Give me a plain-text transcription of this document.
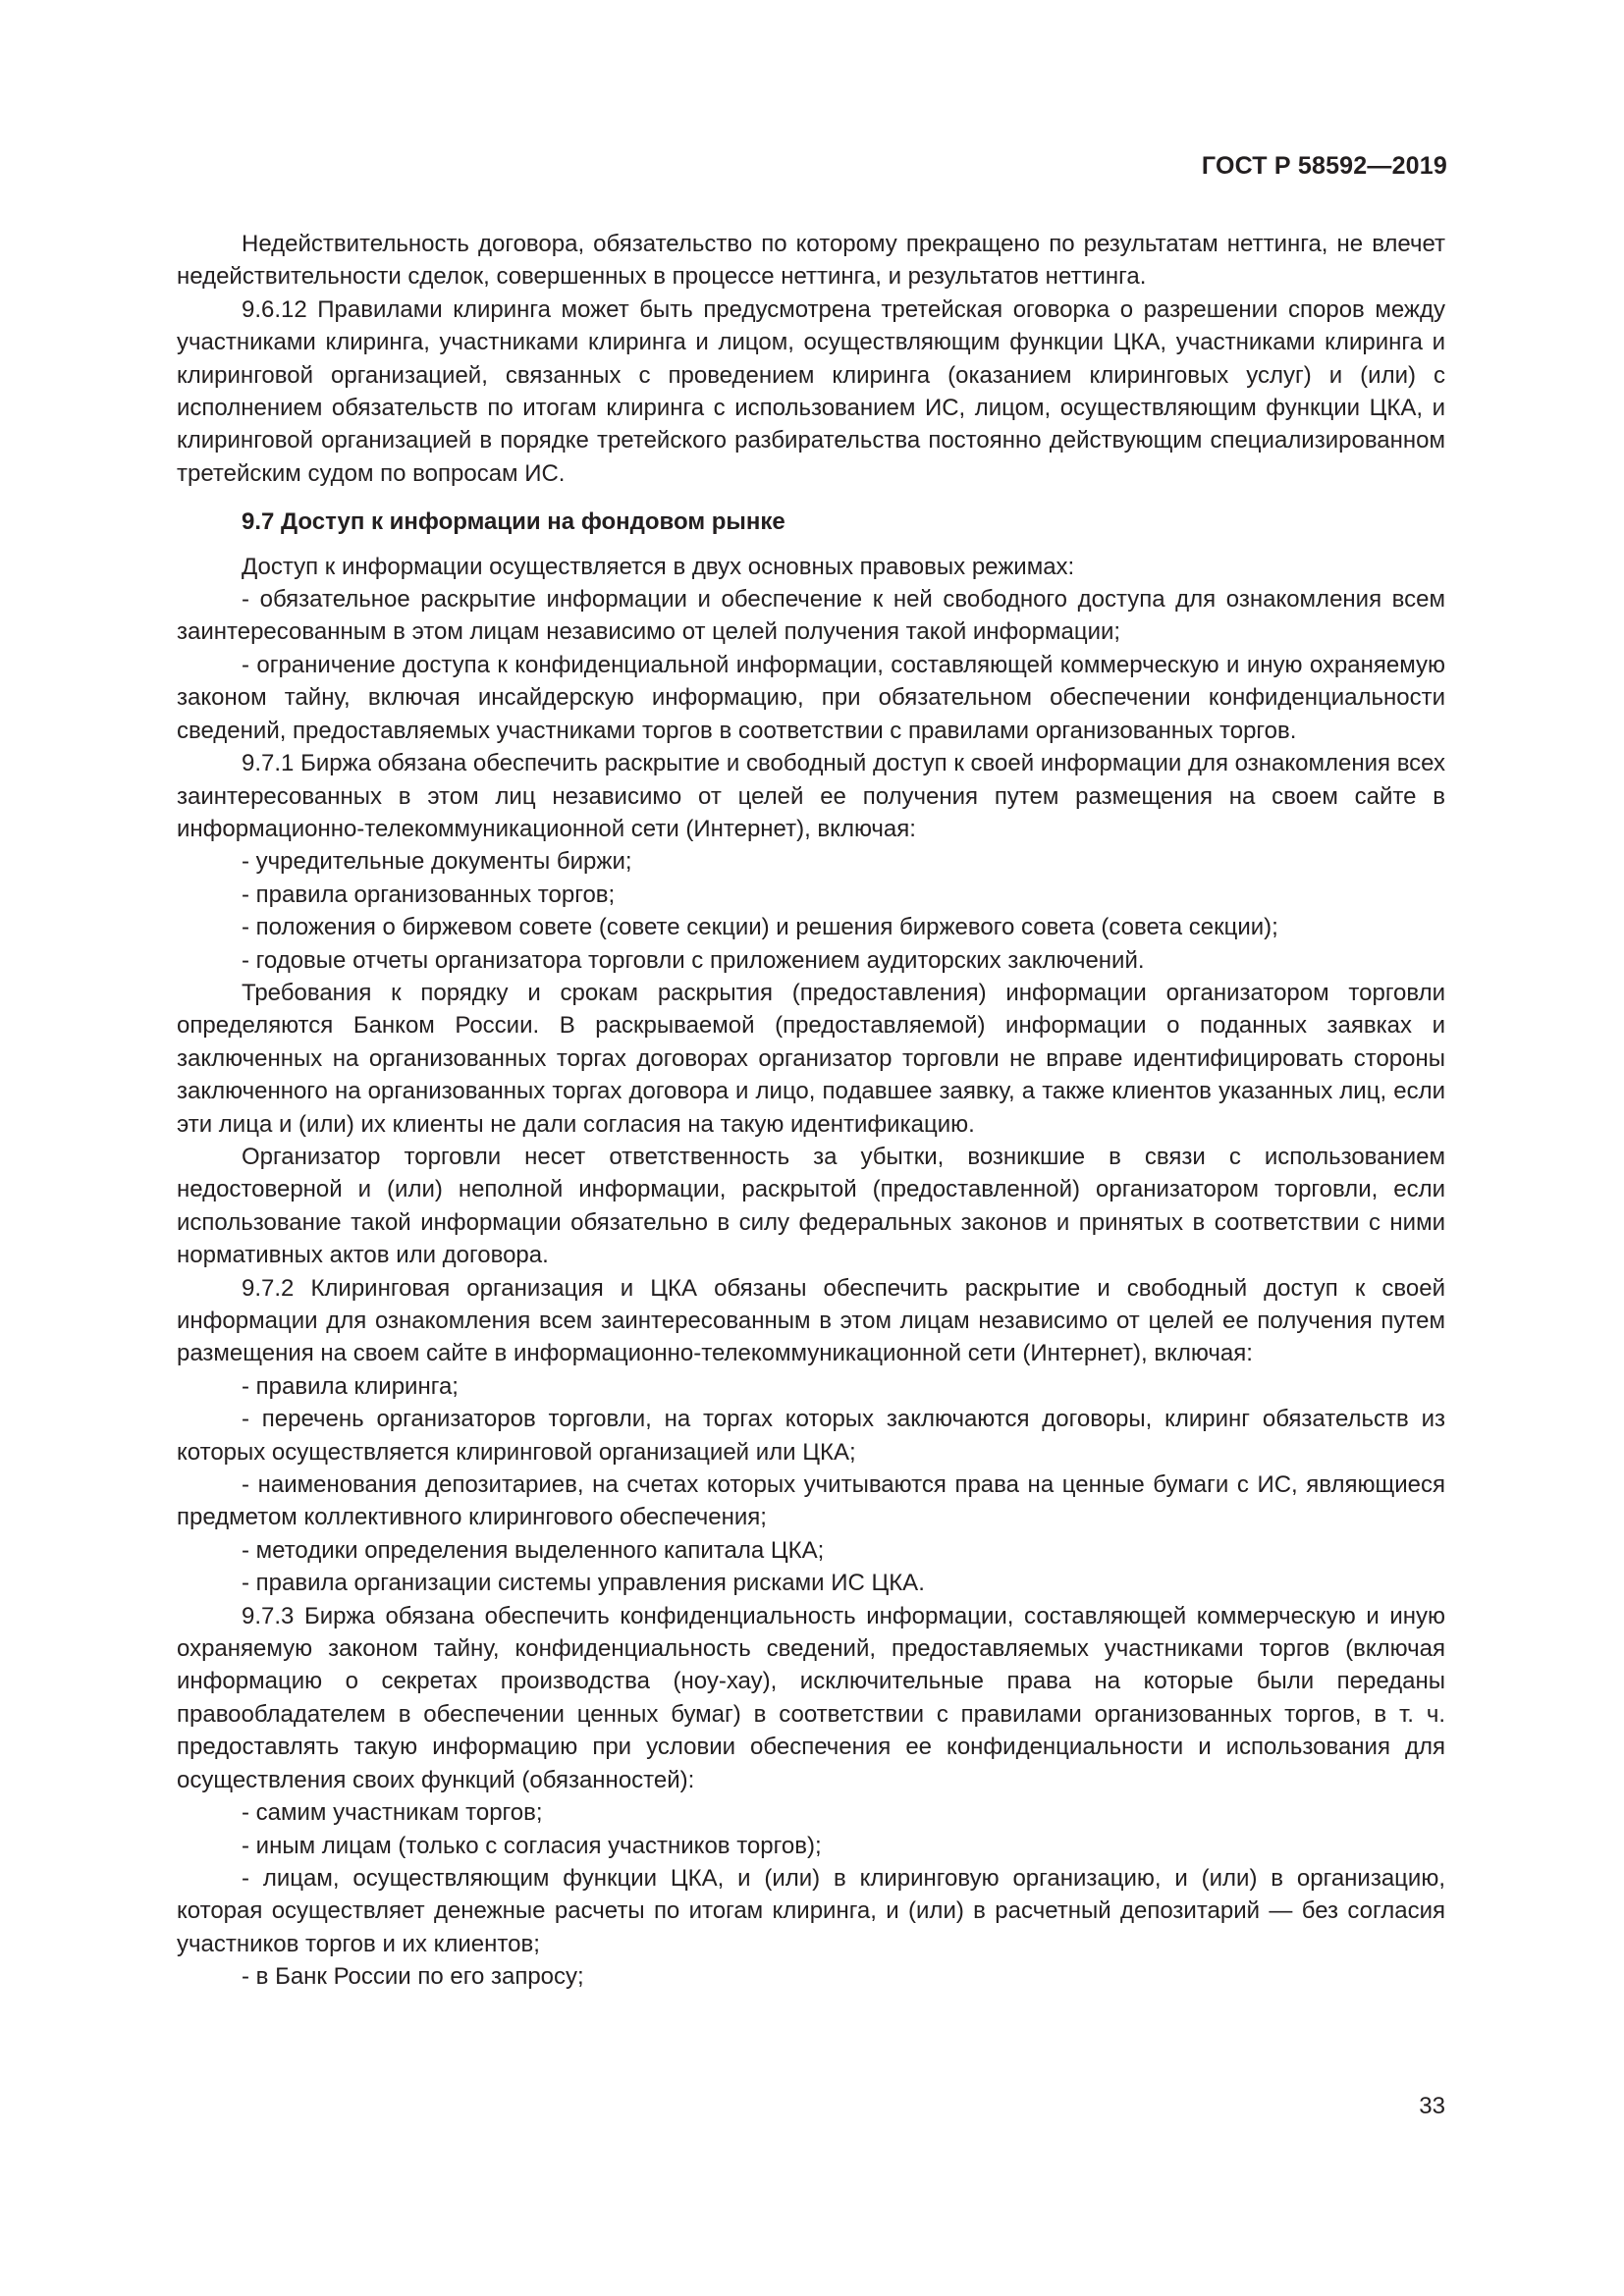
ГОСТ Р 58592—2019

Недействительность договора, обязательство по которому прекращено по результатам неттинга, не влечет недействительности сделок, совершенных в процессе неттинга, и результатов неттинга.

9.6.12 Правилами клиринга может быть предусмотрена третейская оговорка о разрешении споров между участниками клиринга, участниками клиринга и лицом, осуществляющим функции ЦКА, участниками клиринга и клиринговой организацией, связанных с проведением клиринга (оказанием клиринговых услуг) и (или) с исполнением обязательств по итогам клиринга с использованием ИС, лицом, осуществляющим функции ЦКА, и клиринговой организацией в порядке третейского разбирательства постоянно действующим специализированном третейским судом по вопросам ИС.

9.7 Доступ к информации на фондовом рынке

Доступ к информации осуществляется в двух основных правовых режимах:

- обязательное раскрытие информации и обеспечение к ней свободного доступа для ознакомления всем заинтересованным в этом лицам независимо от целей получения такой информации;

- ограничение доступа к конфиденциальной информации, составляющей коммерческую и иную охраняемую законом тайну, включая инсайдерскую информацию, при обязательном обеспечении конфиденциальности сведений, предоставляемых участниками торгов в соответствии с правилами организованных торгов.

9.7.1 Биржа обязана обеспечить раскрытие и свободный доступ к своей информации для ознакомления всех заинтересованных в этом лиц независимо от целей ее получения путем размещения на своем сайте в информационно-телекоммуникационной сети (Интернет), включая:

- учредительные документы биржи;

- правила организованных торгов;

- положения о биржевом совете (совете секции) и решения биржевого совета (совета секции);

- годовые отчеты организатора торговли с приложением аудиторских заключений.

Требования к порядку и срокам раскрытия (предоставления) информации организатором торговли определяются Банком России. В раскрываемой (предоставляемой) информации о поданных заявках и заключенных на организованных торгах договорах организатор торговли не вправе идентифицировать стороны заключенного на организованных торгах договора и лицо, подавшее заявку, а также клиентов указанных лиц, если эти лица и (или) их клиенты не дали согласия на такую идентификацию.

Организатор торговли несет ответственность за убытки, возникшие в связи с использованием недостоверной и (или) неполной информации, раскрытой (предоставленной) организатором торговли, если использование такой информации обязательно в силу федеральных законов и принятых в соответствии с ними нормативных актов или договора.

9.7.2 Клиринговая организация и ЦКА обязаны обеспечить раскрытие и свободный доступ к своей информации для ознакомления всем заинтересованным в этом лицам независимо от целей ее получения путем размещения на своем сайте в информационно-телекоммуникационной сети (Интернет), включая:

- правила клиринга;

- перечень организаторов торговли, на торгах которых заключаются договоры, клиринг обязательств из которых осуществляется клиринговой организацией или ЦКА;

- наименования депозитариев, на счетах которых учитываются права на ценные бумаги с ИС, являющиеся предметом коллективного клирингового обеспечения;

- методики определения выделенного капитала ЦКА;

- правила организации системы управления рисками ИС ЦКА.

9.7.3 Биржа обязана обеспечить конфиденциальность информации, составляющей коммерческую и иную охраняемую законом тайну, конфиденциальность сведений, предоставляемых участниками торгов (включая информацию о секретах производства (ноу-хау), исключительные права на которые были переданы правообладателем в обеспечении ценных бумаг) в соответствии с правилами организованных торгов, в т. ч. предоставлять такую информацию при условии обеспечения ее конфиденциальности и использования для осуществления своих функций (обязанностей):

- самим участникам торгов;

- иным лицам (только с согласия участников торгов);

- лицам, осуществляющим функции ЦКА, и (или) в клиринговую организацию, и (или) в организацию, которая осуществляет денежные расчеты по итогам клиринга, и (или) в расчетный депозитарий — без согласия участников торгов и их клиентов;

- в Банк России по его запросу;

33
